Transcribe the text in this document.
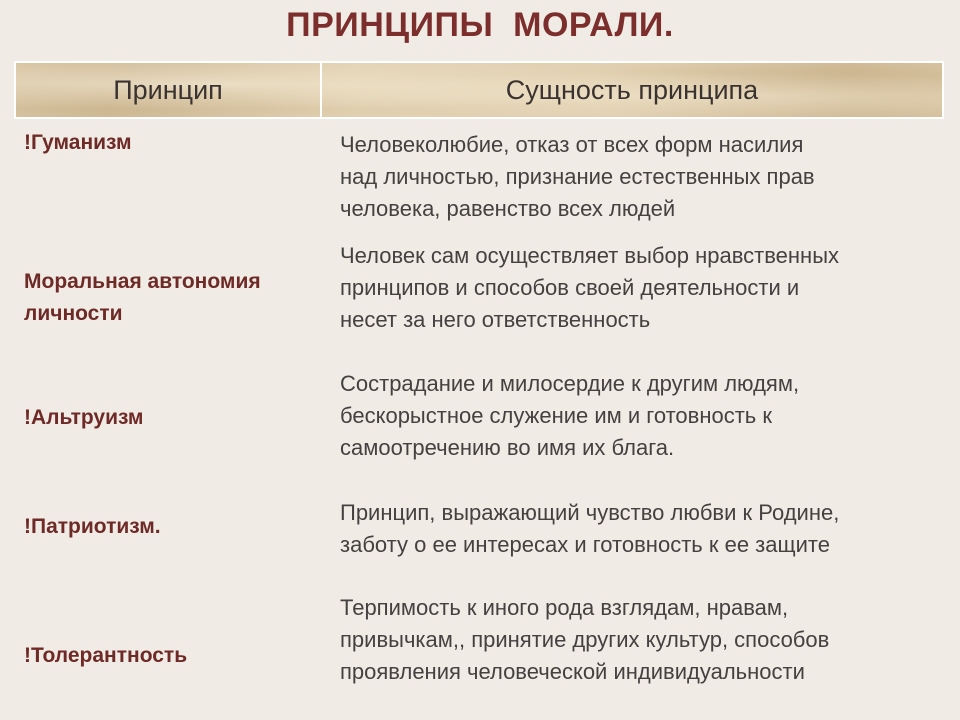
ПРИНЦИПЫ  МОРАЛИ.
Принцип	Сущность принципа
!Гуманизм	Человеколюбие, отказ от всех форм насилия
над личностью, признание естественных прав
человека, равенство всех людей
Моральная автономия личности
Человек сам осуществляет выбор нравственных
принципов и способов своей деятельности и
несет за него ответственность
!Альтруизм
Сострадание и милосердие к другим людям,
бескорыстное служение им и готовность к
самоотречению во имя их блага.
!Патриотизм.
Принцип, выражающий чувство любви к Родине,
заботу о ее интересах и готовность к ее защите
!Толерантность
Терпимость к иного рода взглядам, нравам,
привычкам,, принятие других культур, способов
проявления человеческой индивидуальности
